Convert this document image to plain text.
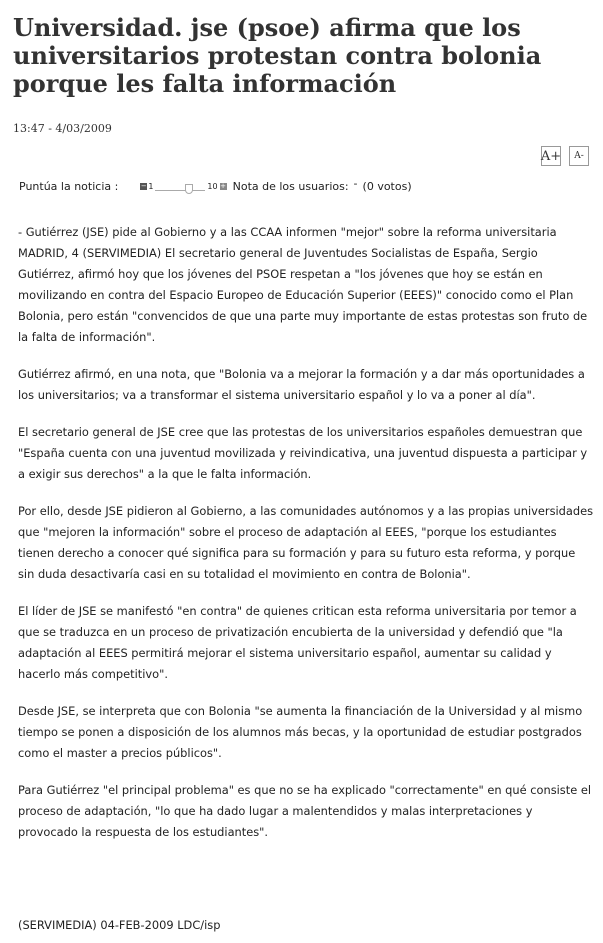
Universidad. jse (psoe) afirma que los universitarios protestan contra bolonia porque les falta información
13:47 - 4/03/2009
A+	A-
Puntúa la noticia :	− 1	10 + Nota de los usuarios: - (0 votos)

- Gutiérrez (JSE) pide al Gobierno y a las CCAA informen "mejor" sobre la reforma universitaria MADRID, 4 (SERVIMEDIA) El secretario general de Juventudes Socialistas de España, Sergio Gutiérrez, afirmó hoy que los jóvenes del PSOE respetan a "los jóvenes que hoy se están en movilizando en contra del Espacio Europeo de Educación Superior (EEES)" conocido como el Plan Bolonia, pero están "convencidos de que una parte muy importante de estas protestas son fruto de la falta de información".

Gutiérrez afirmó, en una nota, que "Bolonia va a mejorar la formación y a dar más oportunidades a los universitarios; va a transformar el sistema universitario español y lo va a poner al día".

El secretario general de JSE cree que las protestas de los universitarios españoles demuestran que "España cuenta con una juventud movilizada y reivindicativa, una juventud dispuesta a participar y a exigir sus derechos" a la que le falta información.

Por ello, desde JSE pidieron al Gobierno, a las comunidades autónomos y a las propias universidades que "mejoren la información" sobre el proceso de adaptación al EEES, "porque los estudiantes tienen derecho a conocer qué significa para su formación y para su futuro esta reforma, y porque sin duda desactivaría casi en su totalidad el movimiento en contra de Bolonia".

El líder de JSE se manifestó "en contra" de quienes critican esta reforma universitaria por temor a que se traduzca en un proceso de privatización encubierta de la universidad y defendió que "la adaptación al EEES permitirá mejorar el sistema universitario español, aumentar su calidad y hacerlo más competitivo".

Desde JSE, se interpreta que con Bolonia "se aumenta la financiación de la Universidad y al mismo tiempo se ponen a disposición de los alumnos más becas, y la oportunidad de estudiar postgrados como el master a precios públicos".

Para Gutiérrez "el principal problema" es que no se ha explicado "correctamente" en qué consiste el proceso de adaptación, "lo que ha dado lugar a malentendidos y malas interpretaciones y provocado la respuesta de los estudiantes".

(SERVIMEDIA) 04-FEB-2009 LDC/isp
